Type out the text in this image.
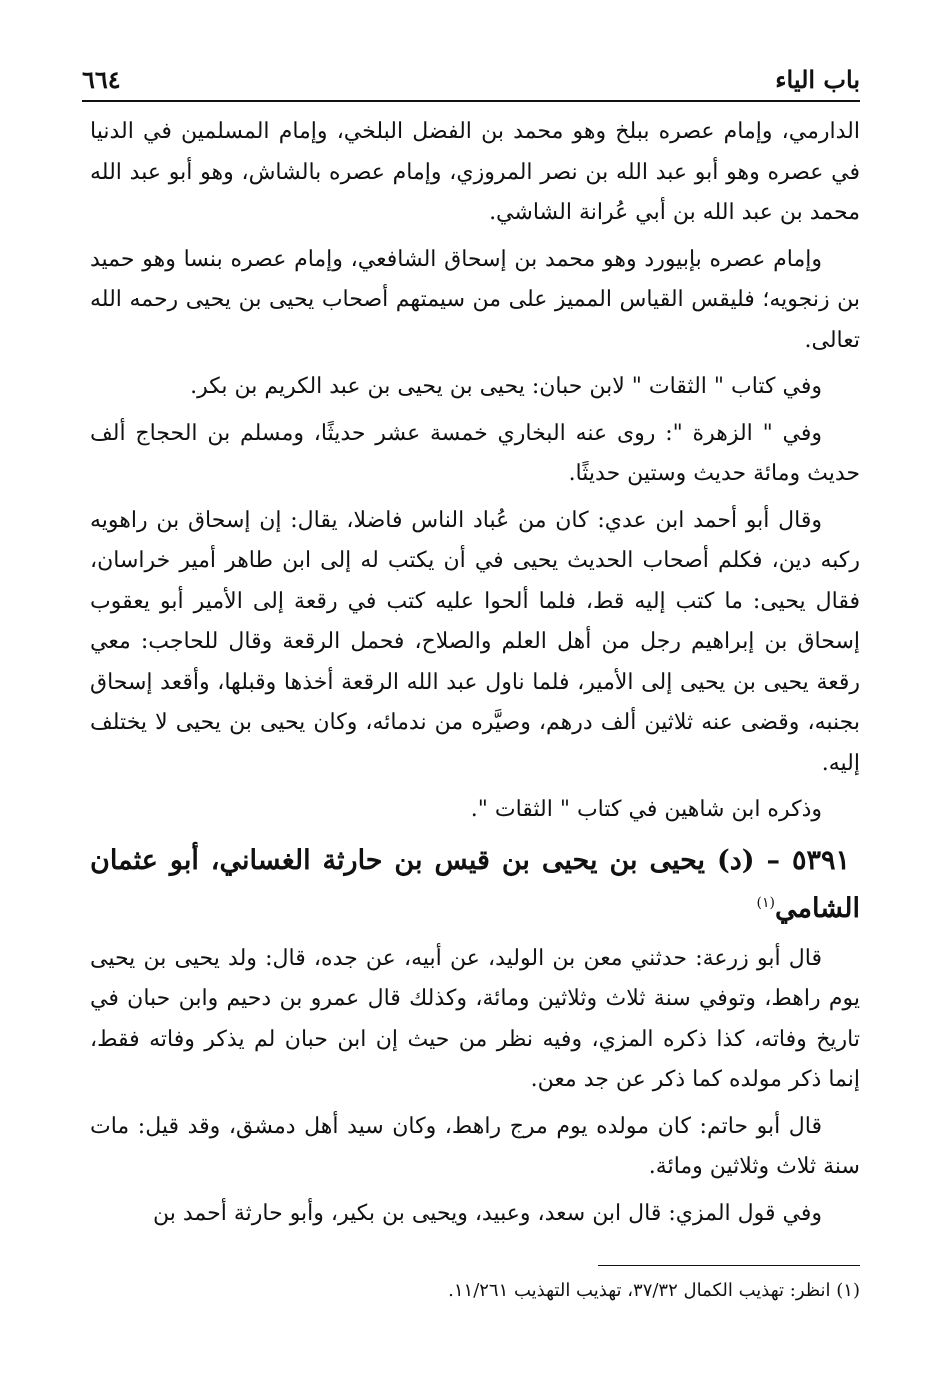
باب الياء
٦٦٤

الدارمي، وإمام عصره ببلخ وهو محمد بن الفضل البلخي، وإمام المسلمين في الدنيا في عصره وهو أبو عبد الله بن نصر المروزي، وإمام عصره بالشاش، وهو أبو عبد الله محمد بن عبد الله بن أبي عُرانة الشاشي.

وإمام عصره بإبيورد وهو محمد بن إسحاق الشافعي، وإمام عصره بنسا وهو حميد بن زنجويه؛ فليقس القياس المميز على من سيمتهم أصحاب يحيى بن يحيى رحمه الله تعالى.

وفي كتاب " الثقات " لابن حبان: يحيى بن يحيى بن عبد الكريم بن بكر.

وفي " الزهرة ": روى عنه البخاري خمسة عشر حديثًا، ومسلم بن الحجاج ألف حديث ومائة حديث وستين حديثًا.

وقال أبو أحمد ابن عدي: كان من عُباد الناس فاضلا، يقال: إن إسحاق بن راهويه ركبه دين، فكلم أصحاب الحديث يحيى في أن يكتب له إلى ابن طاهر أمير خراسان، فقال يحيى: ما كتب إليه قط، فلما ألحوا عليه كتب في رقعة إلى الأمير أبو يعقوب إسحاق بن إبراهيم رجل من أهل العلم والصلاح، فحمل الرقعة وقال للحاجب: معي رقعة يحيى بن يحيى إلى الأمير، فلما ناول عبد الله الرقعة أخذها وقبلها، وأقعد إسحاق بجنبه، وقضى عنه ثلاثين ألف درهم، وصيَّره من ندمائه، وكان يحيى بن يحيى لا يختلف إليه.

وذكره ابن شاهين في كتاب " الثقات ".

٥٣٩١ – (د) يحيى بن يحيى بن قيس بن حارثة الغساني، أبو عثمان الشامي$^{(١)}$

قال أبو زرعة: حدثني معن بن الوليد، عن أبيه، عن جده، قال: ولد يحيى بن يحيى يوم راهط، وتوفي سنة ثلاث وثلاثين ومائة، وكذلك قال عمرو بن دحيم وابن حبان في تاريخ وفاته، كذا ذكره المزي، وفيه نظر من حيث إن ابن حبان لم يذكر وفاته فقط، إنما ذكر مولده كما ذكر عن جد معن.

قال أبو حاتم: كان مولده يوم مرج راهط، وكان سيد أهل دمشق، وقد قيل: مات سنة ثلاث وثلاثين ومائة.

وفي قول المزي: قال ابن سعد، وعبيد، ويحيى بن بكير، وأبو حارثة أحمد بن

(١) انظر: تهذيب الكمال ٣٧/٣٢، تهذيب التهذيب ١١/٢٦١.
